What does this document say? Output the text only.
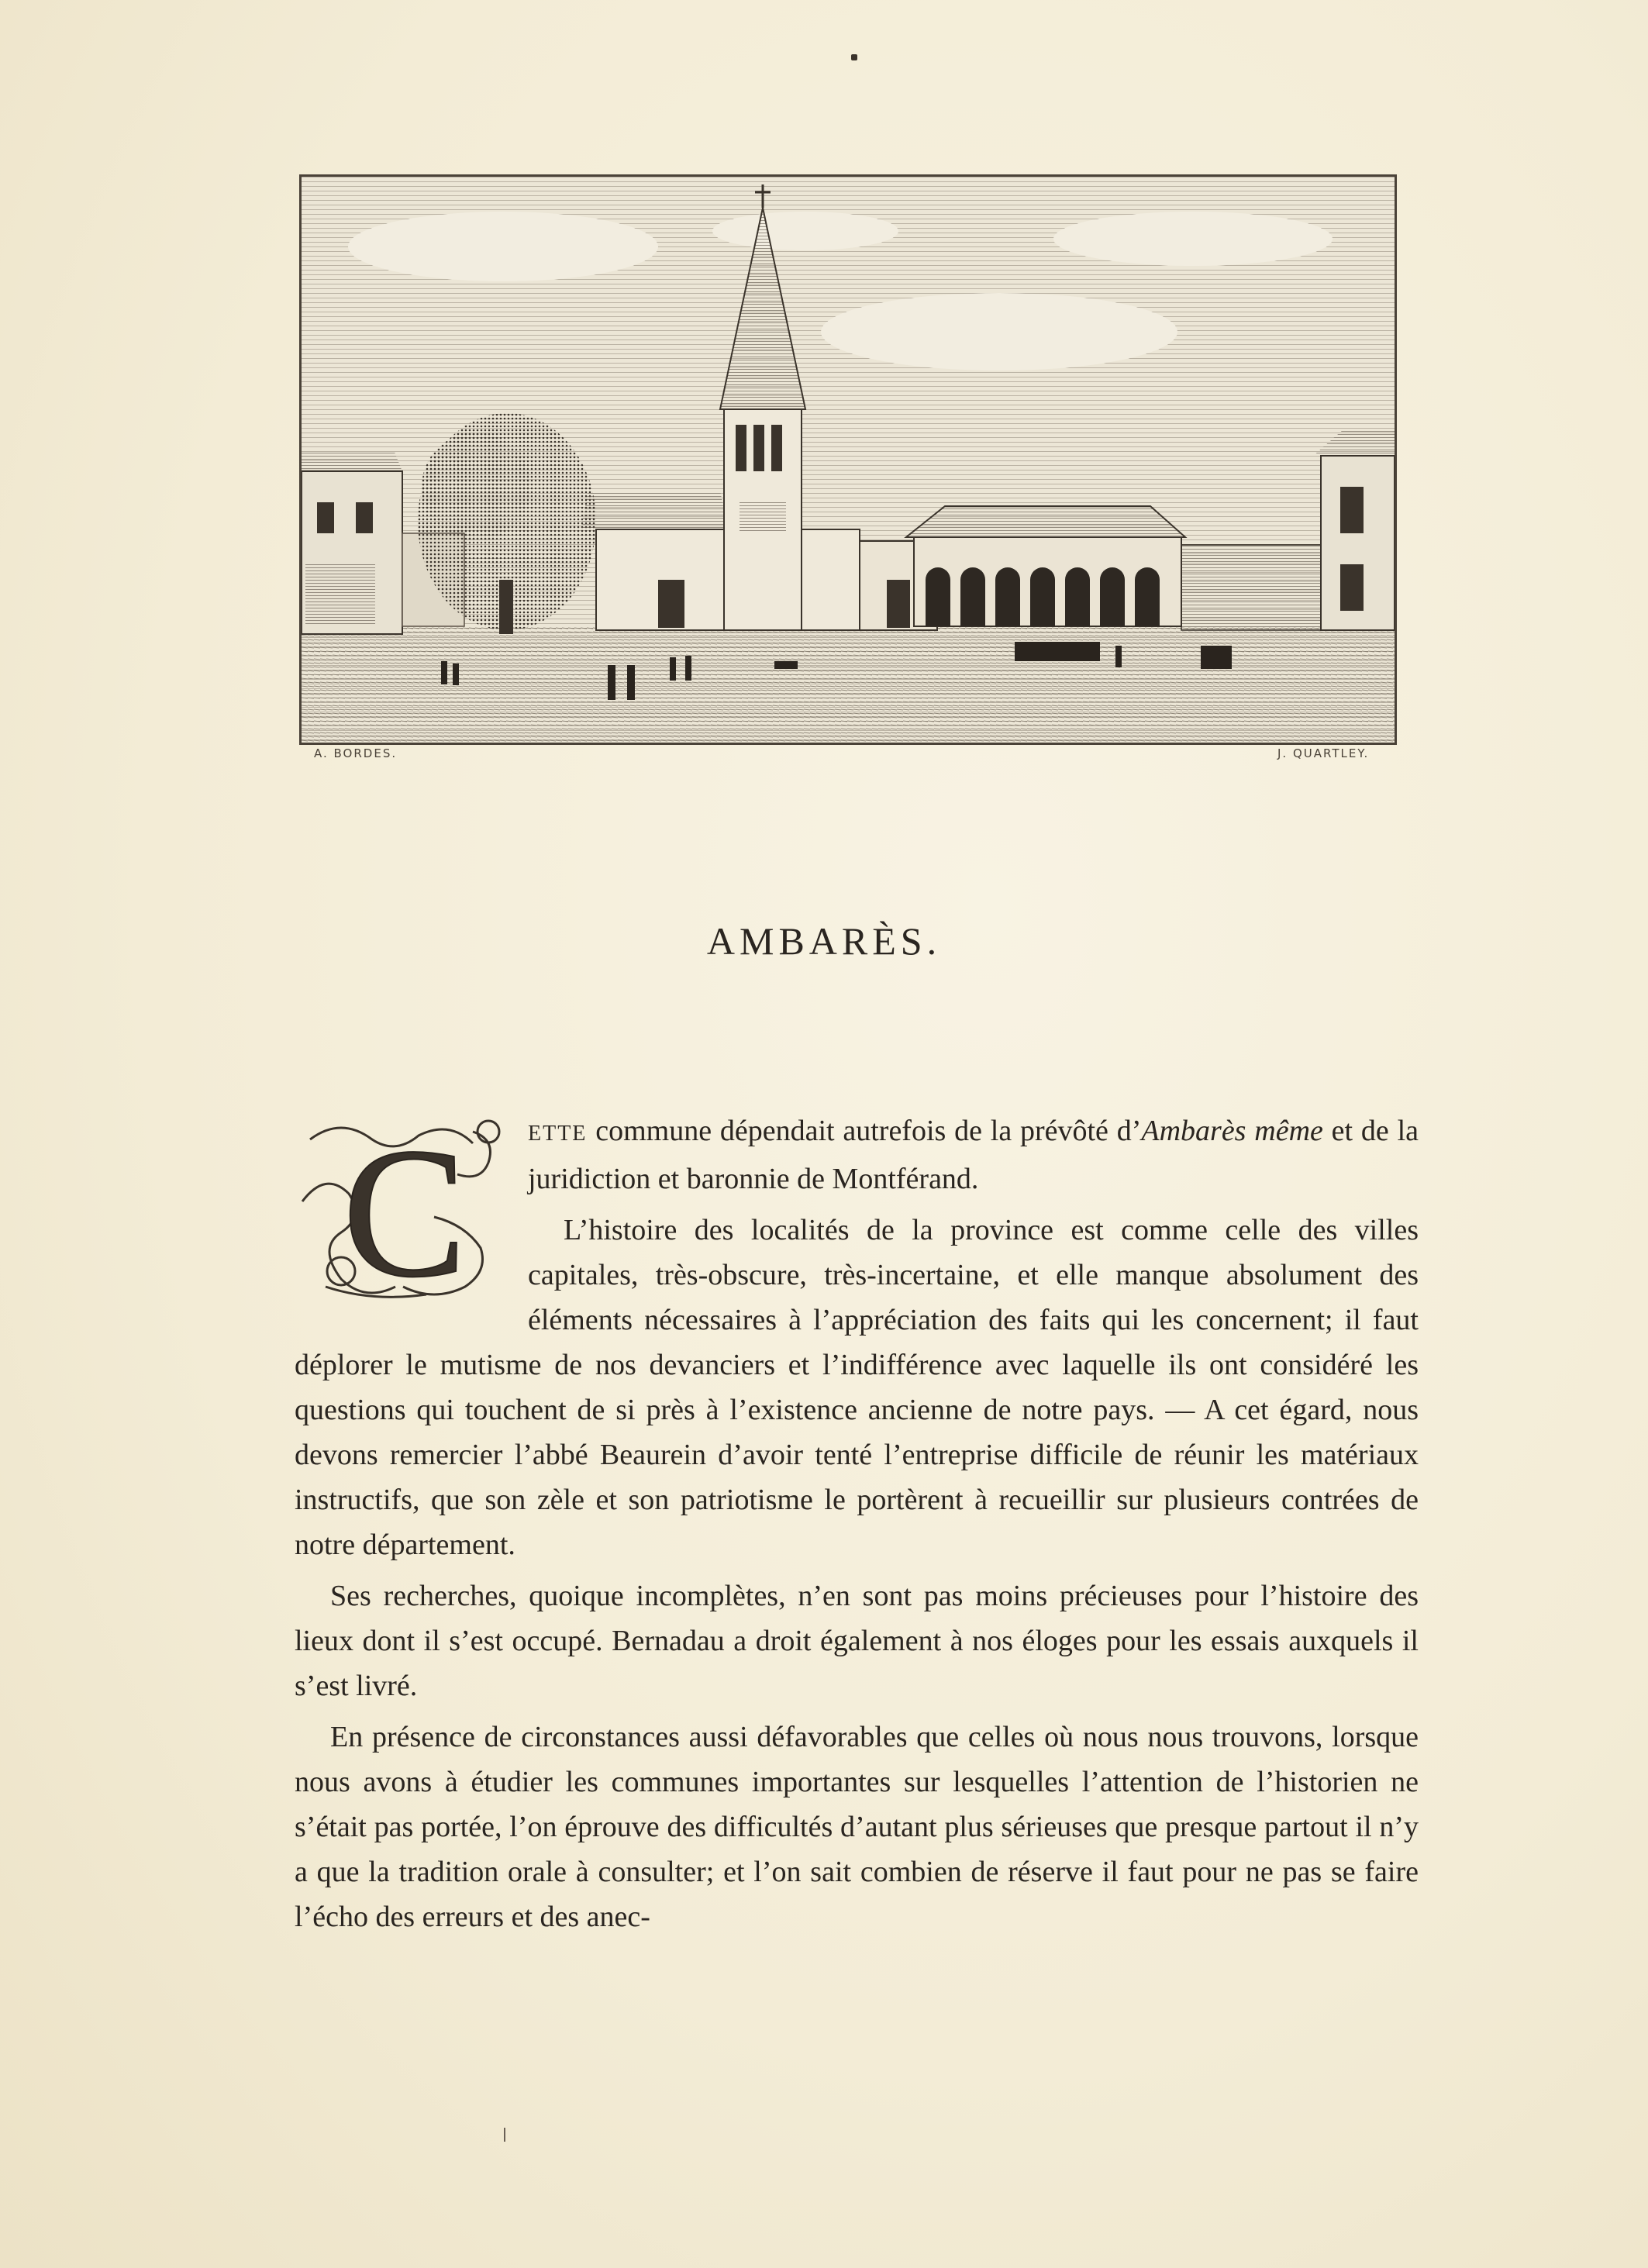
A. BORDES.	J. QUARTLEY.
AMBARÈS.
C	ETTE commune dépendait autrefois de la prévôté d’Ambarès même et de la juridiction et baronnie de Montférand.

L’histoire des localités de la province est comme celle des villes capitales, très-obscure, très-incertaine, et elle manque absolument des éléments nécessaires à l’appréciation des faits qui les concernent; il faut déplorer le mutisme de nos devanciers et l’indifférence avec laquelle ils ont considéré les questions qui touchent de si près à l’existence ancienne de notre pays. — A cet égard, nous devons remercier l’abbé Beaurein d’avoir tenté l’entreprise difficile de réunir les matériaux instructifs, que son zèle et son patriotisme le portèrent à recueillir sur plusieurs contrées de notre département.

Ses recherches, quoique incomplètes, n’en sont pas moins précieuses pour l’histoire des lieux dont il s’est occupé. Bernadau a droit également à nos éloges pour les essais auxquels il s’est livré.

En présence de circonstances aussi défavorables que celles où nous nous trouvons, lorsque nous avons à étudier les communes importantes sur lesquelles l’attention de l’historien ne s’était pas portée, l’on éprouve des difficultés d’autant plus sérieuses que presque partout il n’y a que la tradition orale à consulter; et l’on sait combien de réserve il faut pour ne pas se faire l’écho des erreurs et des anec-
